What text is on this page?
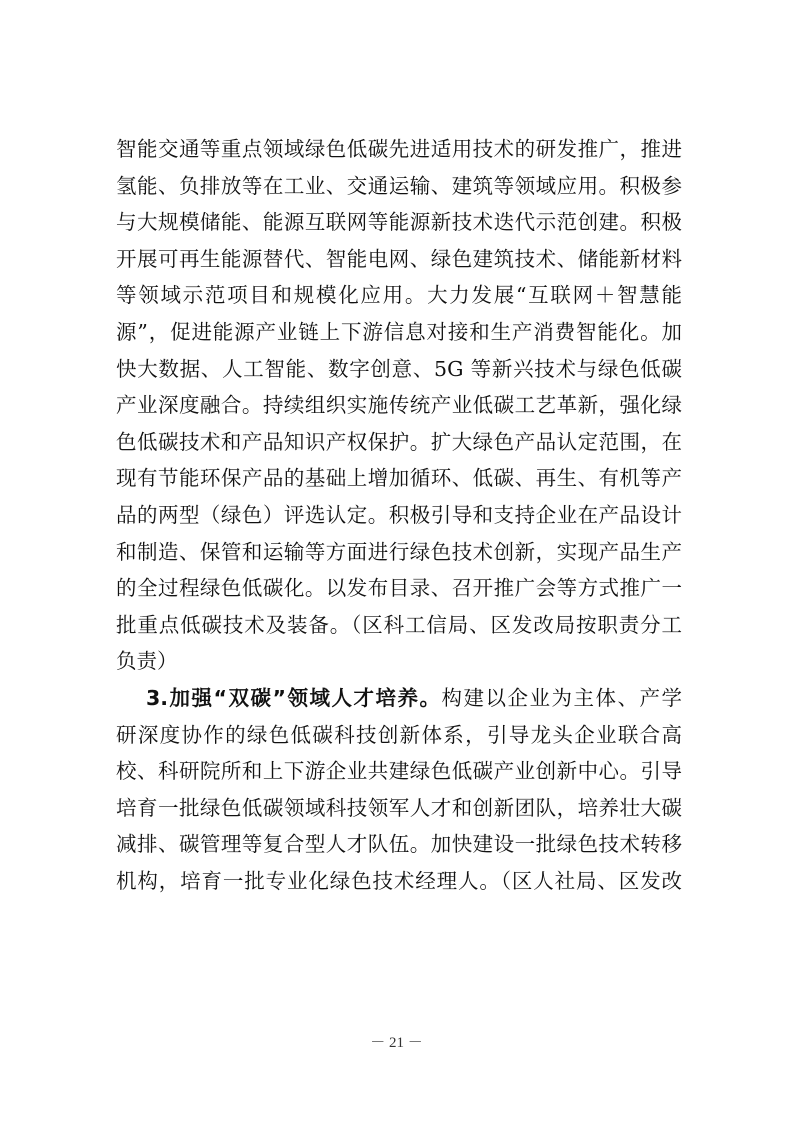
智能交通等重点领域绿色低碳先进适用技术的研发推广，推进
氢能、负排放等在工业、交通运输、建筑等领域应用。积极参
与大规模储能、能源互联网等能源新技术迭代示范创建。积极
开展可再生能源替代、智能电网、绿色建筑技术、储能新材料
等领域示范项目和规模化应用。大力发展“互联网＋智慧能
源”，促进能源产业链上下游信息对接和生产消费智能化。加
快大数据、人工智能、数字创意、5G 等新兴技术与绿色低碳
产业深度融合。持续组织实施传统产业低碳工艺革新，强化绿
色低碳技术和产品知识产权保护。扩大绿色产品认定范围，在
现有节能环保产品的基础上增加循环、低碳、再生、有机等产
品的两型（绿色）评选认定。积极引导和支持企业在产品设计
和制造、保管和运输等方面进行绿色技术创新，实现产品生产
的全过程绿色低碳化。以发布目录、召开推广会等方式推广一
批重点低碳技术及装备。（区科工信局、区发改局按职责分工
负责）
3.加强“双碳”领域人才培养。构建以企业为主体、产学
研深度协作的绿色低碳科技创新体系，引导龙头企业联合高
校、科研院所和上下游企业共建绿色低碳产业创新中心。引导
培育一批绿色低碳领域科技领军人才和创新团队，培养壮大碳
减排、碳管理等复合型人才队伍。加快建设一批绿色技术转移
机构，培育一批专业化绿色技术经理人。（区人社局、区发改
－ 21 －
